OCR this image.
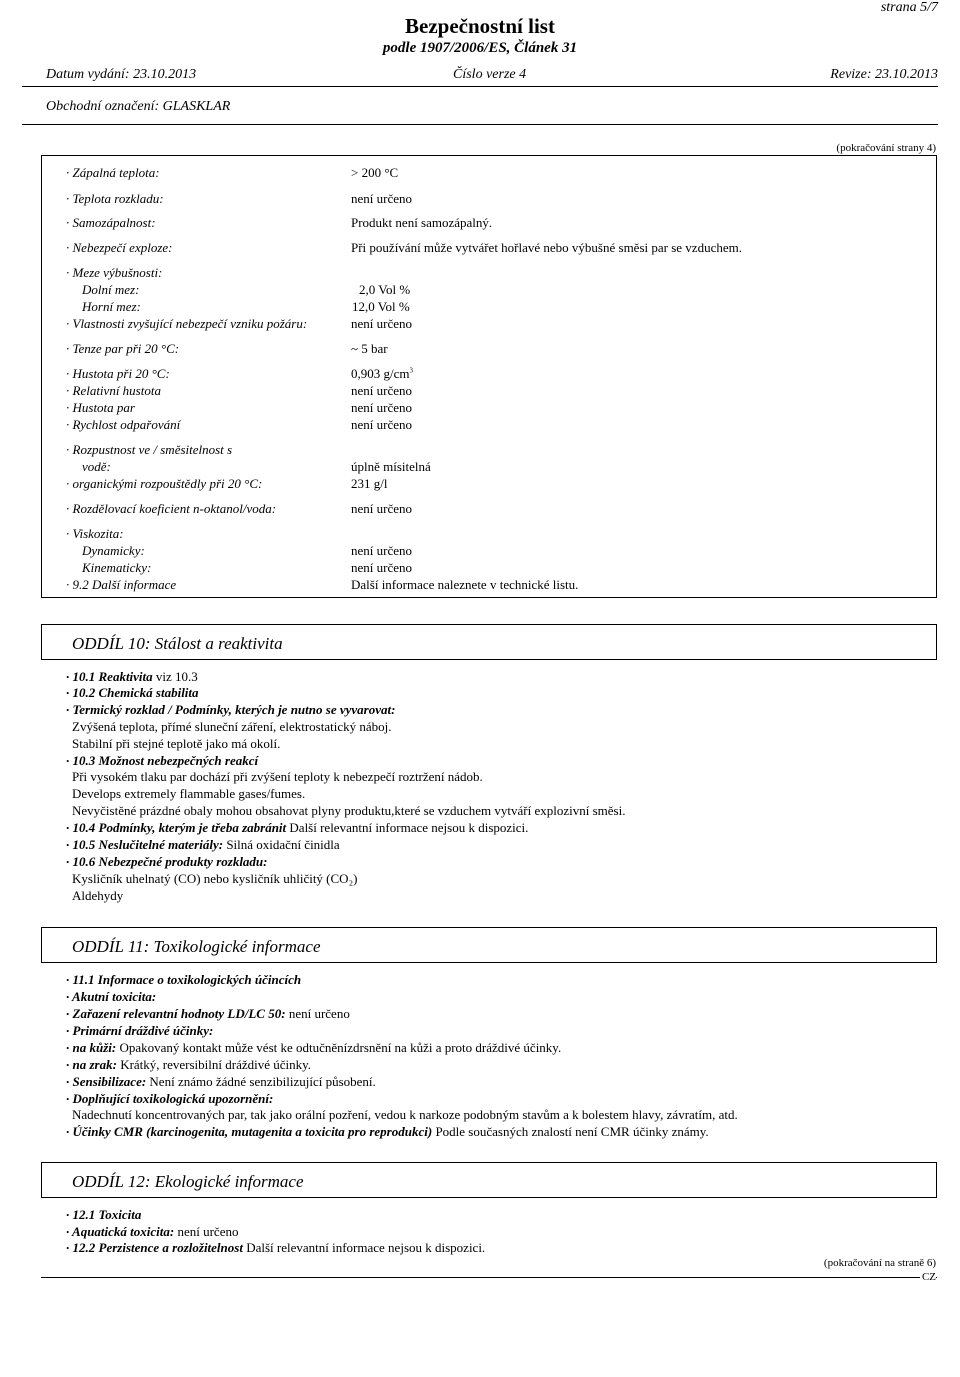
strana 5/7
Bezpečnostní list
podle 1907/2006/ES, Článek 31
Datum vydání: 23.10.2013	Číslo verze 4	Revize: 23.10.2013
Obchodní označení: GLASKLAR
(pokračování strany 4)
· Zápalná teplota:	> 200 °C
· Teplota rozkladu:	není určeno
· Samozápalnost:	Produkt není samozápalný.
· Nebezpečí exploze:	Při používání může vytvářet hořlavé nebo výbušné směsi par se vzduchem.
· Meze výbušnosti:
Dolní mez:	2,0 Vol %
Horní mez:	12,0 Vol %
· Vlastnosti zvyšující nebezpečí vzniku požáru:	není určeno
· Tenze par při 20 °C:	~ 5 bar
· Hustota při 20 °C:	0,903 $g/cm^3$
· Relativní hustota	není určeno
· Hustota par	není určeno
· Rychlost odpařování	není určeno
· Rozpustnost ve / směsitelnost s
vodě:	úplně mísitelná
· organickými rozpouštědly při 20 °C:	231 g/l
· Rozdělovací koeficient n-oktanol/voda:	není určeno
· Viskozita:
Dynamicky:	není určeno
Kinematicky:	není určeno
· 9.2 Další informace	Další informace naleznete v technické listu.
ODDÍL 10: Stálost a reaktivita
· 10.1 Reaktivita viz 10.3
· 10.2 Chemická stabilita
· Termický rozklad / Podmínky, kterých je nutno se vyvarovat:
Zvýšená teplota, přímé sluneční záření, elektrostatický náboj.
Stabilní při stejné teplotě jako má okolí.
· 10.3 Možnost nebezpečných reakcí
Při vysokém tlaku par dochází při zvýšení teploty k nebezpečí roztržení nádob.
Develops extremely flammable gases/fumes.
Nevyčistěné prázdné obaly mohou obsahovat plyny produktu,které se vzduchem vytváří explozivní směsi.
· 10.4 Podmínky, kterým je třeba zabránit Další relevantní informace nejsou k dispozici.
· 10.5 Neslučitelné materiály: Silná oxidační činidla
· 10.6 Nebezpečné produkty rozkladu:
Kysličník uhelnatý (CO) nebo kysličník uhličitý (CO₂)
Aldehydy
ODDÍL 11: Toxikologické informace
· 11.1 Informace o toxikologických účincích
· Akutní toxicita:
· Zařazení relevantní hodnoty LD/LC 50: není určeno
· Primární dráždivé účinky:
· na kůži: Opakovaný kontakt může vést ke odtučněnízdrsnění na kůži a proto dráždivé účinky.
· na zrak: Krátký, reversibilní dráždivé účinky.
· Sensibilizace: Není známo žádné senzibilizující působení.
· Doplňující toxikologická upozornění:
Nadechnutí koncentrovaných par, tak jako orální pozření, vedou k narkoze podobným stavům a k bolestem hlavy, závratím, atd.
· Účinky CMR (karcinogenita, mutagenita a toxicita pro reprodukci) Podle současných znalostí není CMR účinky známy.
ODDÍL 12: Ekologické informace
· 12.1 Toxicita
· Aquatická toxicita: není určeno
· 12.2 Perzistence a rozložitelnost Další relevantní informace nejsou k dispozici.
(pokračování na straně 6)
CZ
